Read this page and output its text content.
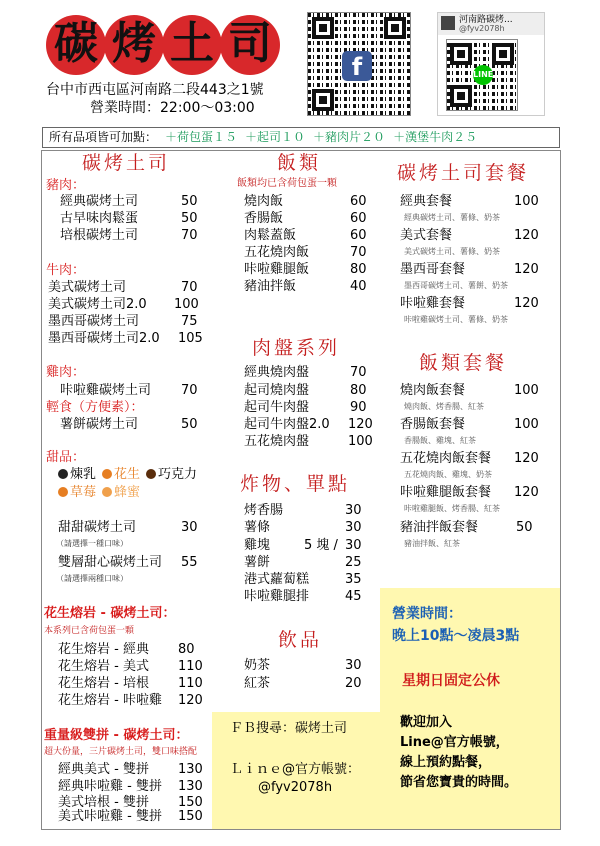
碳 烤 土 司
台中市西屯區河南路二段443之1號
營業時間：22:00～03:00
f
河南路碳烤...
@fyv2078h
LINE
所有品項皆可加點： ＋荷包蛋１５ ＋起司１０ ＋豬肉片２０ ＋漢堡牛肉２５
碳烤土司
豬肉：
經典碳烤土司	50
古早味肉鬆蛋	50
培根碳烤土司	70
牛肉：
美式碳烤土司	70
美式碳烤土司2.0 100
墨西哥碳烤土司	75
墨西哥碳烤土司2.0 105
雞肉：
咔啦雞碳烤土司 70
輕食（方便素）：
薯餅碳烤土司	50
甜品：
煉乳 花生 巧克力
草莓 蜂蜜
甜甜碳烤土司	30
（請選擇一種口味）
雙層甜心碳烤土司 55
（請選擇兩種口味）
花生熔岩 - 碳烤土司：
本系列已含荷包蛋一顆
花生熔岩 - 經典 80
花生熔岩 - 美式 110
花生熔岩 - 培根 110
花生熔岩 - 咔啦雞 120
重量級雙拼 - 碳烤土司：
超大份量，三片碳烤土司，雙口味搭配
經典美式 - 雙拼 130
經典咔啦雞 - 雙拼 130
美式培根 - 雙拼 150
美式咔啦雞 - 雙拼 150
飯類
飯類均已含荷包蛋一顆
燒肉飯	60
香腸飯	60
肉鬆蓋飯	60
五花燒肉飯	70
咔啦雞腿飯	80
豬油拌飯	40
肉盤系列
經典燒肉盤	70
起司燒肉盤	80
起司牛肉盤	90
起司牛肉盤2.0 120
五花燒肉盤	100
炸物、單點
烤香腸	30
薯條	30
雞塊	5 塊 / 30
薯餅	25
港式蘿蔔糕	35
咔啦雞腿排	45
飲品
奶茶	30
紅茶	20
ＦＢ搜尋：碳烤土司
Ｌｉｎｅ@官方帳號：
@fyv2078h
碳烤土司套餐
經典套餐	100
經典碳烤土司、薯條、奶茶
美式套餐	120
美式碳烤土司、薯條、奶茶
墨西哥套餐	120
墨西哥碳烤土司、薯餅、奶茶
咔啦雞套餐	120
咔啦雞碳烤土司、薯條、奶茶
飯類套餐
燒肉飯套餐	100
燒肉飯、烤香腸、紅茶
香腸飯套餐	100
香腸飯、雞塊、紅茶
五花燒肉飯套餐 120
五花燒肉飯、雞塊、奶茶
咔啦雞腿飯套餐 120
咔啦雞腿飯、烤香腸、紅茶
豬油拌飯套餐	50
豬油拌飯、紅茶
營業時間：
晚上10點～凌晨3點
星期日固定公休
歡迎加入
Line@官方帳號，
線上預約點餐，
節省您寶貴的時間。
